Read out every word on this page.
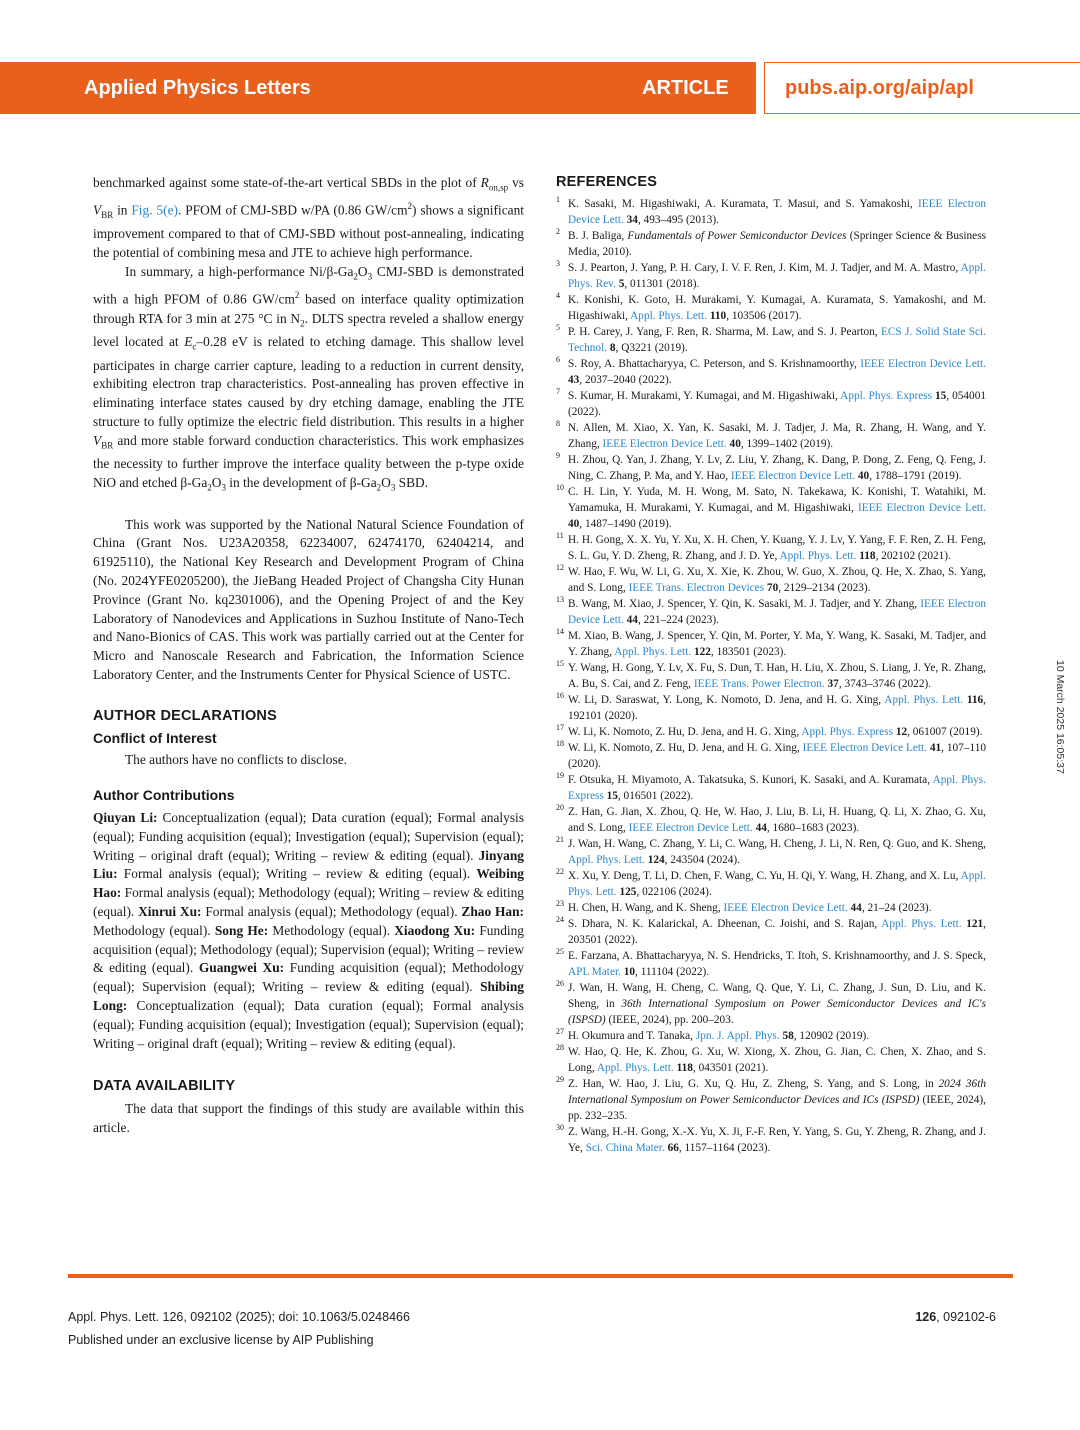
Applied Physics Letters	ARTICLE	pubs.aip.org/aip/apl

benchmarked against some state-of-the-art vertical SBDs in the plot of $R_{on,sp}$ vs $V_{BR}$ in Fig. 5(e). PFOM of CMJ-SBD w/PA (0.86 $GW/cm^2$) shows a significant improvement compared to that of CMJ-SBD without post-annealing, indicating the potential of combining mesa and JTE to achieve high performance.

In summary, a high-performance $Ni/\beta-Ga_2O_3$ CMJ-SBD is demonstrated with a high PFOM of 0.86 $GW/cm^2$ based on interface quality optimization through RTA for 3 min at 275 °C in $N_2$. DLTS spectra reveled a shallow energy level located at $E_c-0.28$ eV is related to etching damage. This shallow level participates in charge carrier capture, leading to a reduction in current density, exhibiting electron trap characteristics. Post-annealing has proven effective in eliminating interface states caused by dry etching damage, enabling the JTE structure to fully optimize the electric field distribution. This results in a higher $V_{BR}$ and more stable forward conduction characteristics. This work emphasizes the necessity to further improve the interface quality between the p-type oxide NiO and etched $\beta-Ga_2O_3$ in the development of $\beta-Ga_2O_3$ SBD.

This work was supported by the National Natural Science Foundation of China (Grant Nos. U23A20358, 62234007, 62474170, 62404214, and 61925110), the National Key Research and Development Program of China (No. 2024YFE0205200), the JieBang Headed Project of Changsha City Hunan Province (Grant No. kq2301006), and the Opening Project of and the Key Laboratory of Nanodevices and Applications in Suzhou Institute of Nano-Tech and Nano-Bionics of CAS. This work was partially carried out at the Center for Micro and Nanoscale Research and Fabrication, the Information Science Laboratory Center, and the Instruments Center for Physical Science of USTC.

AUTHOR DECLARATIONS

Conflict of Interest

The authors have no conflicts to disclose.

Author Contributions

Qiuyan Li: Conceptualization (equal); Data curation (equal); Formal analysis (equal); Funding acquisition (equal); Investigation (equal); Supervision (equal); Writing – original draft (equal); Writing – review & editing (equal). Jinyang Liu: Formal analysis (equal); Writing – review & editing (equal). Weibing Hao: Formal analysis (equal); Methodology (equal); Writing – review & editing (equal). Xinrui Xu: Formal analysis (equal); Methodology (equal). Zhao Han: Methodology (equal). Song He: Methodology (equal). Xiaodong Xu: Funding acquisition (equal); Methodology (equal); Supervision (equal); Writing – review & editing (equal). Guangwei Xu: Funding acquisition (equal); Methodology (equal); Supervision (equal); Writing – review & editing (equal). Shibing Long: Conceptualization (equal); Data curation (equal); Formal analysis (equal); Funding acquisition (equal); Investigation (equal); Supervision (equal); Writing – original draft (equal); Writing – review & editing (equal).

DATA AVAILABILITY

The data that support the findings of this study are available within this article.

REFERENCES

1 K. Sasaki, M. Higashiwaki, A. Kuramata, T. Masui, and S. Yamakoshi, IEEE Electron Device Lett. 34, 493–495 (2013).
2 B. J. Baliga, Fundamentals of Power Semiconductor Devices (Springer Science & Business Media, 2010).
3 S. J. Pearton, J. Yang, P. H. Cary, I. V. F. Ren, J. Kim, M. J. Tadjer, and M. A. Mastro, Appl. Phys. Rev. 5, 011301 (2018).
4 K. Konishi, K. Goto, H. Murakami, Y. Kumagai, A. Kuramata, S. Yamakoshi, and M. Higashiwaki, Appl. Phys. Lett. 110, 103506 (2017).
5 P. H. Carey, J. Yang, F. Ren, R. Sharma, M. Law, and S. J. Pearton, ECS J. Solid State Sci. Technol. 8, Q3221 (2019).
6 S. Roy, A. Bhattacharyya, C. Peterson, and S. Krishnamoorthy, IEEE Electron Device Lett. 43, 2037–2040 (2022).
7 S. Kumar, H. Murakami, Y. Kumagai, and M. Higashiwaki, Appl. Phys. Express 15, 054001 (2022).
8 N. Allen, M. Xiao, X. Yan, K. Sasaki, M. J. Tadjer, J. Ma, R. Zhang, H. Wang, and Y. Zhang, IEEE Electron Device Lett. 40, 1399–1402 (2019).
9 H. Zhou, Q. Yan, J. Zhang, Y. Lv, Z. Liu, Y. Zhang, K. Dang, P. Dong, Z. Feng, Q. Feng, J. Ning, C. Zhang, P. Ma, and Y. Hao, IEEE Electron Device Lett. 40, 1788–1791 (2019).
10 C. H. Lin, Y. Yuda, M. H. Wong, M. Sato, N. Takekawa, K. Konishi, T. Watahiki, M. Yamamuka, H. Murakami, Y. Kumagai, and M. Higashiwaki, IEEE Electron Device Lett. 40, 1487–1490 (2019).
11 H. H. Gong, X. X. Yu, Y. Xu, X. H. Chen, Y. Kuang, Y. J. Lv, Y. Yang, F. F. Ren, Z. H. Feng, S. L. Gu, Y. D. Zheng, R. Zhang, and J. D. Ye, Appl. Phys. Lett. 118, 202102 (2021).
12 W. Hao, F. Wu, W. Li, G. Xu, X. Xie, K. Zhou, W. Guo, X. Zhou, Q. He, X. Zhao, S. Yang, and S. Long, IEEE Trans. Electron Devices 70, 2129–2134 (2023).
13 B. Wang, M. Xiao, J. Spencer, Y. Qin, K. Sasaki, M. J. Tadjer, and Y. Zhang, IEEE Electron Device Lett. 44, 221–224 (2023).
14 M. Xiao, B. Wang, J. Spencer, Y. Qin, M. Porter, Y. Ma, Y. Wang, K. Sasaki, M. Tadjer, and Y. Zhang, Appl. Phys. Lett. 122, 183501 (2023).
15 Y. Wang, H. Gong, Y. Lv, X. Fu, S. Dun, T. Han, H. Liu, X. Zhou, S. Liang, J. Ye, R. Zhang, A. Bu, S. Cai, and Z. Feng, IEEE Trans. Power Electron. 37, 3743–3746 (2022).
16 W. Li, D. Saraswat, Y. Long, K. Nomoto, D. Jena, and H. G. Xing, Appl. Phys. Lett. 116, 192101 (2020).
17 W. Li, K. Nomoto, Z. Hu, D. Jena, and H. G. Xing, Appl. Phys. Express 12, 061007 (2019).
18 W. Li, K. Nomoto, Z. Hu, D. Jena, and H. G. Xing, IEEE Electron Device Lett. 41, 107–110 (2020).
19 F. Otsuka, H. Miyamoto, A. Takatsuka, S. Kunori, K. Sasaki, and A. Kuramata, Appl. Phys. Express 15, 016501 (2022).
20 Z. Han, G. Jian, X. Zhou, Q. He, W. Hao, J. Liu, B. Li, H. Huang, Q. Li, X. Zhao, G. Xu, and S. Long, IEEE Electron Device Lett. 44, 1680–1683 (2023).
21 J. Wan, H. Wang, C. Zhang, Y. Li, C. Wang, H. Cheng, J. Li, N. Ren, Q. Guo, and K. Sheng, Appl. Phys. Lett. 124, 243504 (2024).
22 X. Xu, Y. Deng, T. Li, D. Chen, F. Wang, C. Yu, H. Qi, Y. Wang, H. Zhang, and X. Lu, Appl. Phys. Lett. 125, 022106 (2024).
23 H. Chen, H. Wang, and K. Sheng, IEEE Electron Device Lett. 44, 21–24 (2023).
24 S. Dhara, N. K. Kalarickal, A. Dheenan, C. Joishi, and S. Rajan, Appl. Phys. Lett. 121, 203501 (2022).
25 E. Farzana, A. Bhattacharyya, N. S. Hendricks, T. Itoh, S. Krishnamoorthy, and J. S. Speck, APL Mater. 10, 111104 (2022).
26 J. Wan, H. Wang, H. Cheng, C. Wang, Q. Que, Y. Li, C. Zhang, J. Sun, D. Liu, and K. Sheng, in 36th International Symposium on Power Semiconductor Devices and IC's (ISPSD) (IEEE, 2024), pp. 200–203.
27 H. Okumura and T. Tanaka, Jpn. J. Appl. Phys. 58, 120902 (2019).
28 W. Hao, Q. He, K. Zhou, G. Xu, W. Xiong, X. Zhou, G. Jian, C. Chen, X. Zhao, and S. Long, Appl. Phys. Lett. 118, 043501 (2021).
29 Z. Han, W. Hao, J. Liu, G. Xu, Q. Hu, Z. Zheng, S. Yang, and S. Long, in 2024 36th International Symposium on Power Semiconductor Devices and ICs (ISPSD) (IEEE, 2024), pp. 232–235.
30 Z. Wang, H.-H. Gong, X.-X. Yu, X. Ji, F.-F. Ren, Y. Yang, S. Gu, Y. Zheng, R. Zhang, and J. Ye, Sci. China Mater. 66, 1157–1164 (2023).
10 March 2025 16:05:37
Appl. Phys. Lett. 126, 092102 (2025); doi: 10.1063/5.0248466
Published under an exclusive license by AIP Publishing
126, 092102-6
